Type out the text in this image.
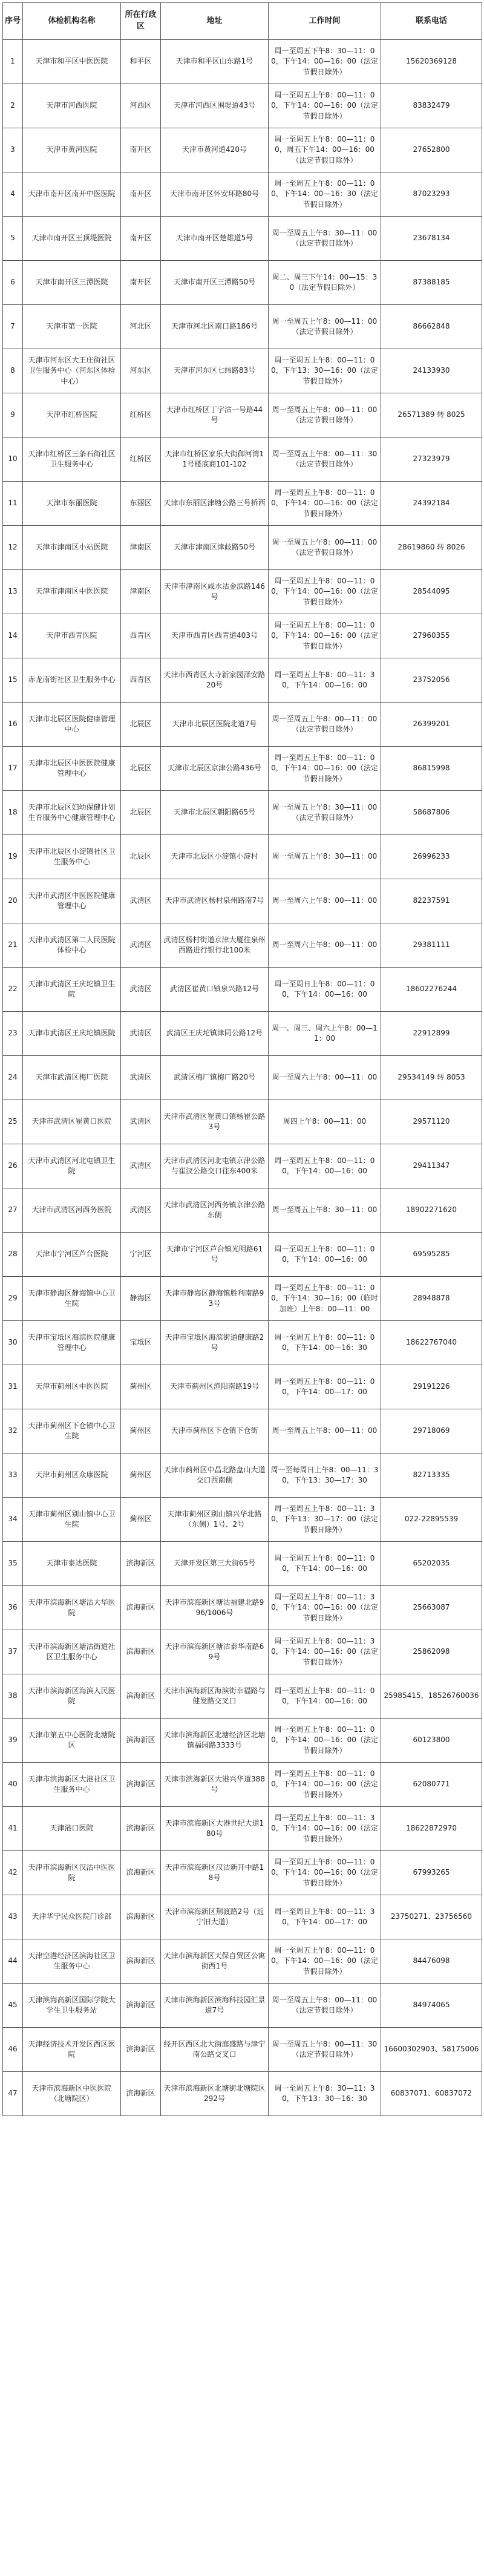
序号	体检机构名称	所在行政区	地址	工作时间	联系电话
1	天津市和平区中医医院	和平区	天津市和平区山东路1号	周一至周五下午8：30—11：00，下午14：00—16：00（法定节假日除外）	15620369128
2	天津市河西医院	河西区	天津市河西区围堤道43号	周一至周五上午8：00—11：00，下午14：00—16：00（法定节假日除外）	83832479
3	天津市黄河医院	南开区	天津市黄河道420号	周一至周五上午8：00—11：00，周五下午14：00—16：00（法定节假日除外）	27652800
4	天津市南开区南开中医医院	南开区	天津市南开区怀安环路80号	周一至周五上午8：00—11：00，下午14：00—16：30（法定节假日除外）	87023293
5	天津市南开区王顶堤医院	南开区	天津市南开区楚雄道5号	周一至周五上午8：30—11：00（法定节假日除外）	23678134
6	天津市南开区三潭医院	南开区	天津市南开区三潭路50号	周二、周三下午14：00—15：30（法定节假日除外）	87388185
7	天津市第一医院	河北区	天津市河北区南口路186号	周一至周五上午8：00—11：00（法定节假日除外）	86662848
8	天津市河东区大王庄街社区卫生服务中心（河东区体检中心）	河东区	天津市河东区七纬路83号	周一至周五上午8：00—11：00，下午13：30—16：00（法定节假日除外）	24133930
9	天津市红桥医院	红桥区	天津市红桥区丁字沽一号路44号	周一至周五上午8：00—11：00（法定节假日除外）	26571389 转 8025
10	天津市红桥区三条石街社区卫生服务中心	红桥区	天津市红桥区家乐大街御河湾11号楼底商101-102	周一至周五上午8：00—11：30（法定节假日除外）	27323979
11	天津市东丽医院	东丽区	天津市东丽区津塘公路三号桥西	周一至周五上午8：00—11：00，下午14：00—16：00（法定节假日除外）	24392184
12	天津市津南区小站医院	津南区	天津市津南区津歧路50号	周一至周五上午8：00—11：00（法定节假日除外）	28619860 转 8026
13	天津市津南区中医医院	津南区	天津市津南区咸水沽金滨路146号	周一至周五上午8：00—11：00，下午14：00—16：00（法定节假日除外）	28544095
14	天津市西青医院	西青区	天津市西青区西青道403号	周一至周五上午8：00—11：00，下午14：00—16：00（法定节假日除外）	27960355
15	赤龙南街社区卫生服务中心	西青区	天津市西青区大寺新家园泽安路20号	周一至周五上午8：00—11：30，下午14：00—16：00	23752056
16	天津市北辰区医院健康管理中心	北辰区	天津市北辰区医院北道7号	周一至周五上午8：00—11：00（法定节假日除外）	26399201
17	天津市北辰区中医医院健康管理中心	北辰区	天津市北辰区京津公路436号	周一至周五上午8：00—11：00，下午14：00—16：00（法定节假日除外）	86815998
18	天津市北辰区妇幼保健计划生育服务中心健康管理中心	北辰区	天津市北辰区朝阳路65号	周一至周五上午8：30—11：00（法定节假日除外）	58687806
19	天津市北辰区小淀镇社区卫生服务中心	北辰区	天津市北辰区小淀镇小淀村	周一至周五上午8：30—11：00	26996233
20	天津市武清区中医医院健康管理中心	武清区	天津市武清区杨村泉州路南7号	周一至周六上午8：00—11：00	82237591
21	天津市武清区第二人民医院体检中心	武清区	武清区杨村街道京津大厦往泉州西路进行银行北100米	周一至周六上午8：00—11：00	29381111
22	天津市武清区王庆坨镇卫生院	武清区	武清区崔黄口镇泉兴路12号	周一至周日上午8：00—11：00，下午14：00—16：00	18602276244
23	天津市武清区王庆坨镇医院	武清区	武清区王庆坨镇津同公路12号	周一、周三、周六上午8：00—11：00	22912899
24	天津市武清区梅厂医院	武清区	武清区梅厂镇梅厂路20号	周一至周六上午8：00—11：00	29534149 转 8053
25	天津市武清区崔黄口医院	武清区	天津市武清区崔黄口镇杨崔公路3号	周四上午8：00—11：00	29571120
26	天津市武清区河北屯镇卫生院	武清区	天津市武清区河北屯镇京津公路与崔汊公路交口往东400米	周一至周五上午8：00—11：00，下午14：00—16：00	29411347
27	天津市武清区河西务医院	武清区	天津市武清区河西务镇京津公路东侧	周一至周五上午8：30—11：00	18902271620
28	天津市宁河区芦台医院	宁河区	天津市宁河区芦台镇光明路61号	周一至周五上午8：00—11：00，下午14：00—16：00	69595285
29	天津市静海区静海镇中心卫生院	静海区	天津市静海区静海镇胜利南路93号	周一至周五上午8：00—11：00，下午14：30—16：00（临时加班）上午8：00—11：00	28948878
30	天津市宝坻区海滨医院健康管理中心	宝坻区	天津市宝坻区海滨街道健康路2号	周一至周五上午8：00—11：00，下午14：00—16：30	18622767040
31	天津市蓟州区中医医院	蓟州区	天津市蓟州区渔阳南路19号	周一至周五上午8：00—11：00，下午14：00—17：00	29191226
32	天津市蓟州区下仓镇中心卫生院	蓟州区	天津市蓟州区下仓镇下仓街	周一至周五上午8：00—11：00	29718069
33	天津市蓟州区众康医院	蓟州区	天津市蓟州区中昌北路盘山大道交口西南侧	周一至每周日上午8：00—11：30，下午13：30—17：30	82713335
34	天津市蓟州区别山镇中心卫生院	蓟州区	天津市蓟州区别山镇兴华北路（东侧）1号、2号	周一至周五上午8：00—11：30，下午13：30—17：00（法定节假日除外）	022-22895539
35	天津市泰达医院	滨海新区	天津开发区第三大街65号	周一至周五上午8：00—11：00，下午14：00—16：00	65202035
36	天津市滨海新区塘沽大华医院	滨海新区	天津市滨海新区塘沽福建北路996/1006号	周一至周五上午8：00—11：30，下午14：00—16：00（法定节假日除外）	25663087
37	天津市滨海新区塘沽街道社区卫生服务中心	滨海新区	天津市滨海新区塘沽泰华南路69号	周一至周五上午8：00—11：30，下午14：00—16：00（法定节假日除外）	25862098
38	天津市滨海新区海滨人民医院	滨海新区	天津市滨海新区海滨街幸福路与健发路交叉口	周一至周五上午8：00—11：00，下午14：00—16：00	25985415、18526760036
39	天津市第五中心医院北塘院区	滨海新区	天津市滨海新区北塘经济区北塘镇福园路3333号	周一至周五上午8：00—11：00，下午14：00—16：00（法定节假日除外）	60123800
40	天津市滨海新区大港社区卫生服务中心	滨海新区	天津市滨海新区大港兴华道388号	周一至周五上午8：00—11：00，下午14：00—16：00（法定节假日除外）	62080771
41	天津港口医院	滨海新区	天津市滨海新区大港世纪大道180号	周一至周五上午8：00—11：30，下午14：00—16：00（法定节假日除外）	18622872970
42	天津市滨海新区汉沽中医医院	滨海新区	天津市滨海新区汉沽新开中路18号	周一至周五上午8：00—11：00，下午14：00—16：00（法定节假日除外）	67993265
43	天津华宁民众医院门诊部	滨海新区	天津市滨海新区荆渡路2号（近宁旧大道）	周一至周日上午8：00—11：30，下午14：00—17：00	23750271、23756560
44	天津空港经济区滨海社区卫生服务中心	滨海新区	天津市滨海新区天保自贸区公寓街西1号	周一至周五上午8：00—11：00，下午14：00—16：00（法定节假日除外）	84476098
45	天津滨海高新区国际学院大学生卫生服务站	滨海新区	天津市滨海新区滨海科技园汇景道7号	周一至周五上午8：00—11：00（法定节假日除外）	84974065
46	天津经济技术开发区西区医院	滨海新区	经开区西区北大街庭盛路与津宁南公路交叉口	周一至周五上午8：00—11：30（法定节假日除外）	16600302903、58175006
47	天津市滨海新区中医医院（北塘院区）	滨海新区	天津市滨海新区北塘街北塘院区292号	周一至周五上午8：30—11：30，下午13：30—16：30	60837071、60837072
